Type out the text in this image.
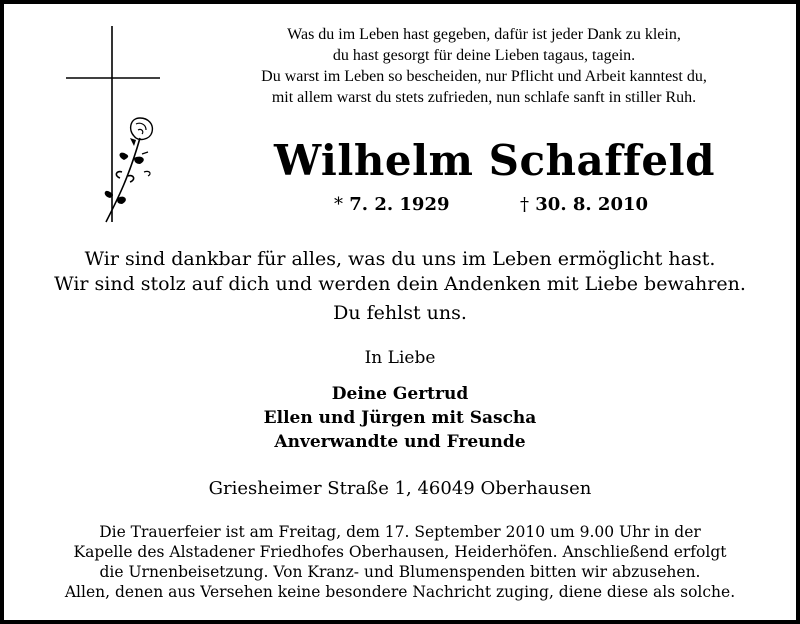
Was du im Leben hast gegeben, dafür ist jeder Dank zu klein,
du hast gesorgt für deine Lieben tagaus, tagein.
Du warst im Leben so bescheiden, nur Pflicht und Arbeit kanntest du,
mit allem warst du stets zufrieden, nun schlafe sanft in stiller Ruh.
Wilhelm Schaffeld
* 7. 2. 1929	† 30. 8. 2010
Wir sind dankbar für alles, was du uns im Leben ermöglicht hast.
Wir sind stolz auf dich und werden dein Andenken mit Liebe bewahren.
Du fehlst uns.
In Liebe
Deine Gertrud
Ellen und Jürgen mit Sascha
Anverwandte und Freunde
Griesheimer Straße 1, 46049 Oberhausen
Die Trauerfeier ist am Freitag, dem 17. September 2010 um 9.00 Uhr in der
Kapelle des Alstadener Friedhofes Oberhausen, Heiderhöfen. Anschließend erfolgt
die Urnenbeisetzung. Von Kranz- und Blumenspenden bitten wir abzusehen.
Allen, denen aus Versehen keine besondere Nachricht zuging, diene diese als solche.
